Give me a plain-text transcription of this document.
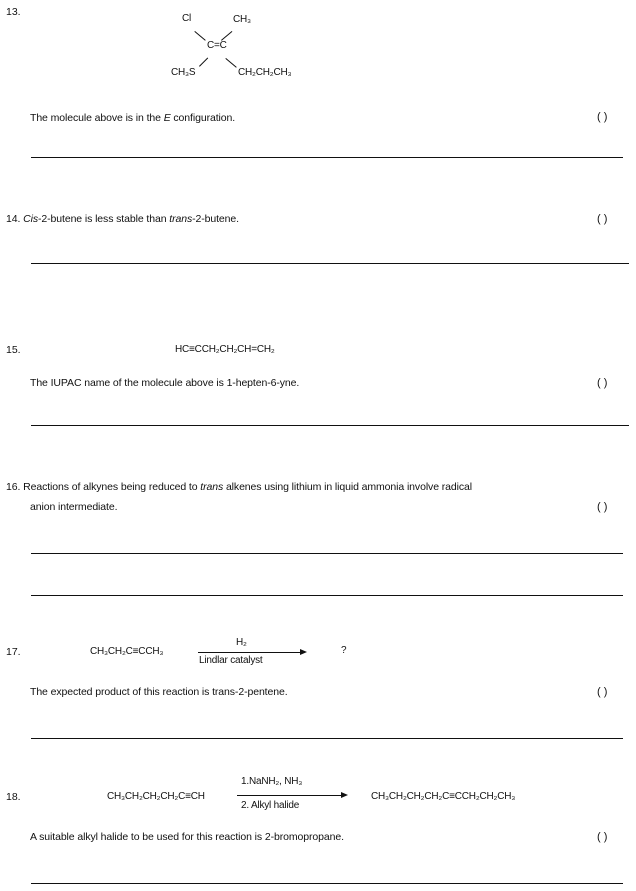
13.
Cl	CH₃
C=C
CH₃S	CH₂CH₂CH₃
The molecule above is in the E configuration.	( )
14. Cis-2-butene is less stable than trans-2-butene.	( )
15.	HC≡CCH₂CH₂CH=CH₂
The IUPAC name of the molecule above is 1-hepten-6-yne.	( )
16. Reactions of alkynes being reduced to trans alkenes using lithium in liquid ammonia involve radical
anion intermediate.	( )
17.	CH₃CH₂C≡CCH₃
H₂
Lindlar catalyst
?
The expected product of this reaction is trans-2-pentene.	( )
18.	CH₃CH₂CH₂CH₂C≡CH
1.NaNH₂, NH₃
2. Alkyl halide
CH₃CH₂CH₂CH₂C≡CCH₂CH₂CH₃
A suitable alkyl halide to be used for this reaction is 2-bromopropane.	( )
